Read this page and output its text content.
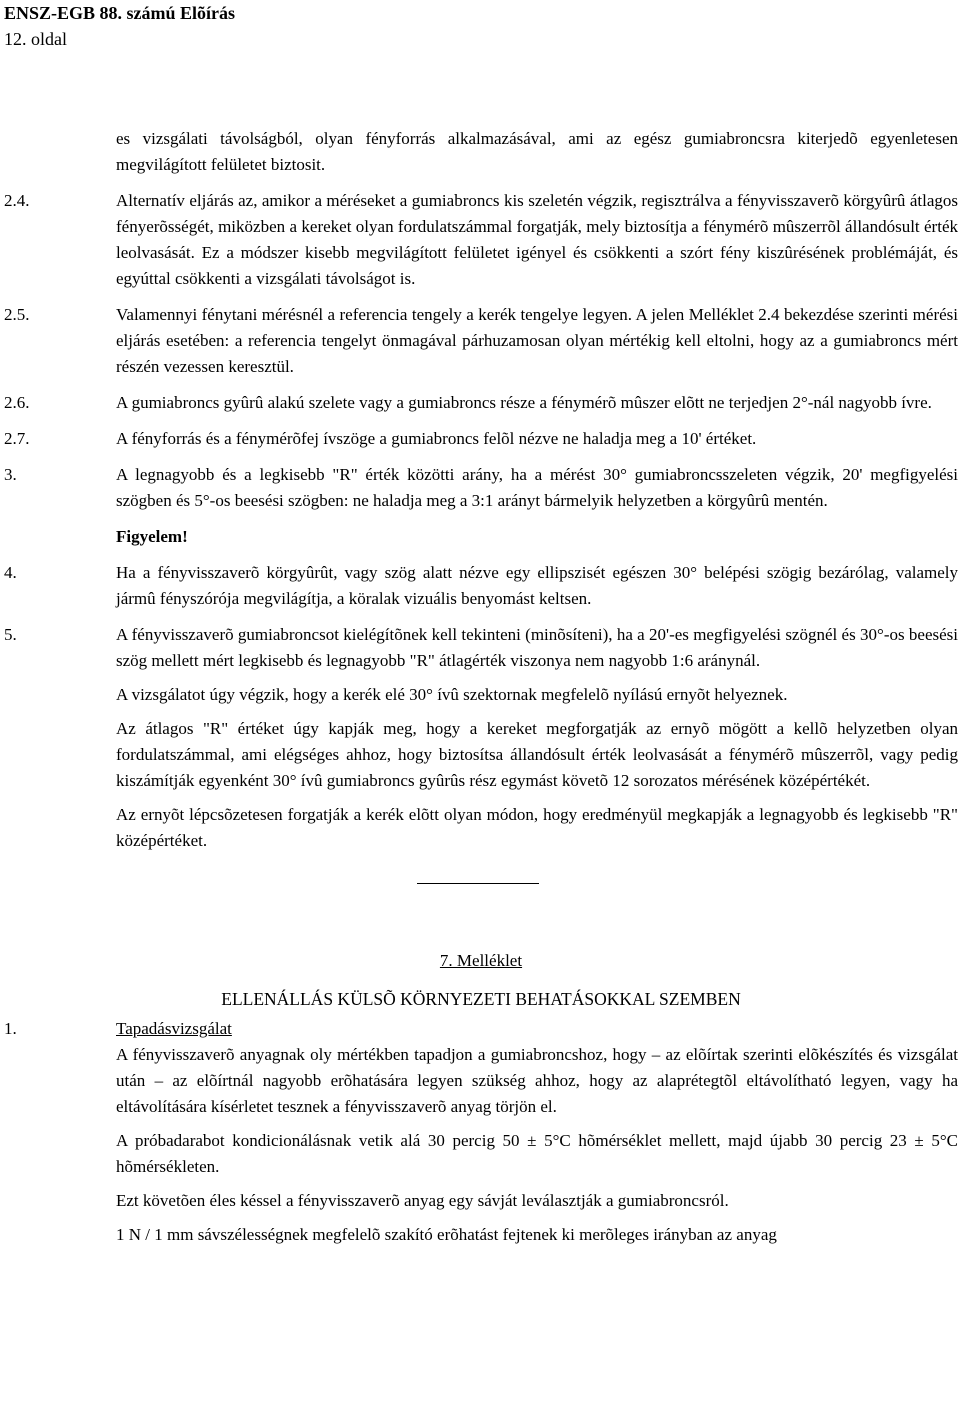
ENSZ-EGB 88. számú Elõírás
12. oldal

es vizsgálati távolságból, olyan fényforrás alkalmazásával, ami az egész gumiabroncsra kiterjedõ egyenletesen megvilágított felületet biztosit.

2.4.	Alternatív eljárás az, amikor a méréseket a gumiabroncs kis szeletén végzik, regisztrálva a fényvisszaverõ körgyûrû átlagos fényerõsségét, miközben a kereket olyan fordulatszámmal forgatják, mely biztosítja a fénymérõ mûszerrõl állandósult érték leolvasását. Ez a módszer kisebb megvilágított felületet igényel és csökkenti a szórt fény kiszûrésének problémáját, és egyúttal csökkenti a vizsgálati távolságot is.
2.5.	Valamennyi fénytani mérésnél a referencia tengely a kerék tengelye legyen. A jelen Melléklet 2.4 bekezdése szerinti mérési eljárás esetében: a referencia tengelyt önmagával párhuzamosan olyan mértékig kell eltolni, hogy az a gumiabroncs mért részén vezessen keresztül.
2.6.	A gumiabroncs gyûrû alakú szelete vagy a gumiabroncs része a fénymérõ mûszer elõtt ne terjedjen 2°-nál nagyobb ívre.
2.7.	A fényforrás és a fénymérõfej ívszöge a gumiabroncs felõl nézve ne haladja meg a 10' értéket.
3.	A legnagyobb és a legkisebb "R" érték közötti arány, ha a mérést 30° gumiabroncsszeleten végzik, 20' megfigyelési szögben és 5°-os beesési szögben: ne haladja meg a 3:1 arányt bármelyik helyzetben a körgyûrû mentén.

Figyelem!

4.	Ha a fényvisszaverõ körgyûrût, vagy szög alatt nézve egy ellipszisét egészen 30° belépési szögig bezárólag, valamely jármû fényszórója megvilágítja, a köralak vizuális benyomást keltsen.
5.	A fényvisszaverõ gumiabroncsot kielégítõnek kell tekinteni (minõsíteni), ha a 20'-es megfigyelési szögnél és 30°-os beesési szög mellett mért legkisebb és legnagyobb "R" átlagérték viszonya nem nagyobb 1:6 aránynál.

A vizsgálatot úgy végzik, hogy a kerék elé 30° ívû szektornak megfelelõ nyílású ernyõt helyeznek.

Az átlagos "R" értéket úgy kapják meg, hogy a kereket megforgatják az ernyõ mögött a kellõ helyzetben olyan fordulatszámmal, ami elégséges ahhoz, hogy biztosítsa állandósult érték leolvasását a fénymérõ mûszerrõl, vagy pedig kiszámítják egyenként 30° ívû gumiabroncs gyûrûs rész egymást követõ 12 sorozatos mérésének középértékét.

Az ernyõt lépcsõzetesen forgatják a kerék elõtt olyan módon, hogy eredményül megkapják a legnagyobb és legkisebb "R" középértéket.

7. Melléklet
ELLENÁLLÁS KÜLSÕ KÖRNYEZETI BEHATÁSOKKAL SZEMBEN
1.	Tapadásvizsgálat

A fényvisszaverõ anyagnak oly mértékben tapadjon a gumiabroncshoz, hogy – az elõírtak szerinti elõkészítés és vizsgálat után – az elõírtnál nagyobb erõhatására legyen szükség ahhoz, hogy az alaprétegtõl eltávolítható legyen, vagy ha eltávolítására kísérletet tesznek a fényvisszaverõ anyag törjön el.

A próbadarabot kondicionálásnak vetik alá 30 percig 50 ± 5°C hõmérséklet mellett, majd újabb 30 percig 23 ± 5°C hõmérsékleten.

Ezt követõen éles késsel a fényvisszaverõ anyag egy sávját leválasztják a gumiabroncsról.

1 N / 1 mm sávszélességnek megfelelõ szakító erõhatást fejtenek ki merõleges irányban az anyag
